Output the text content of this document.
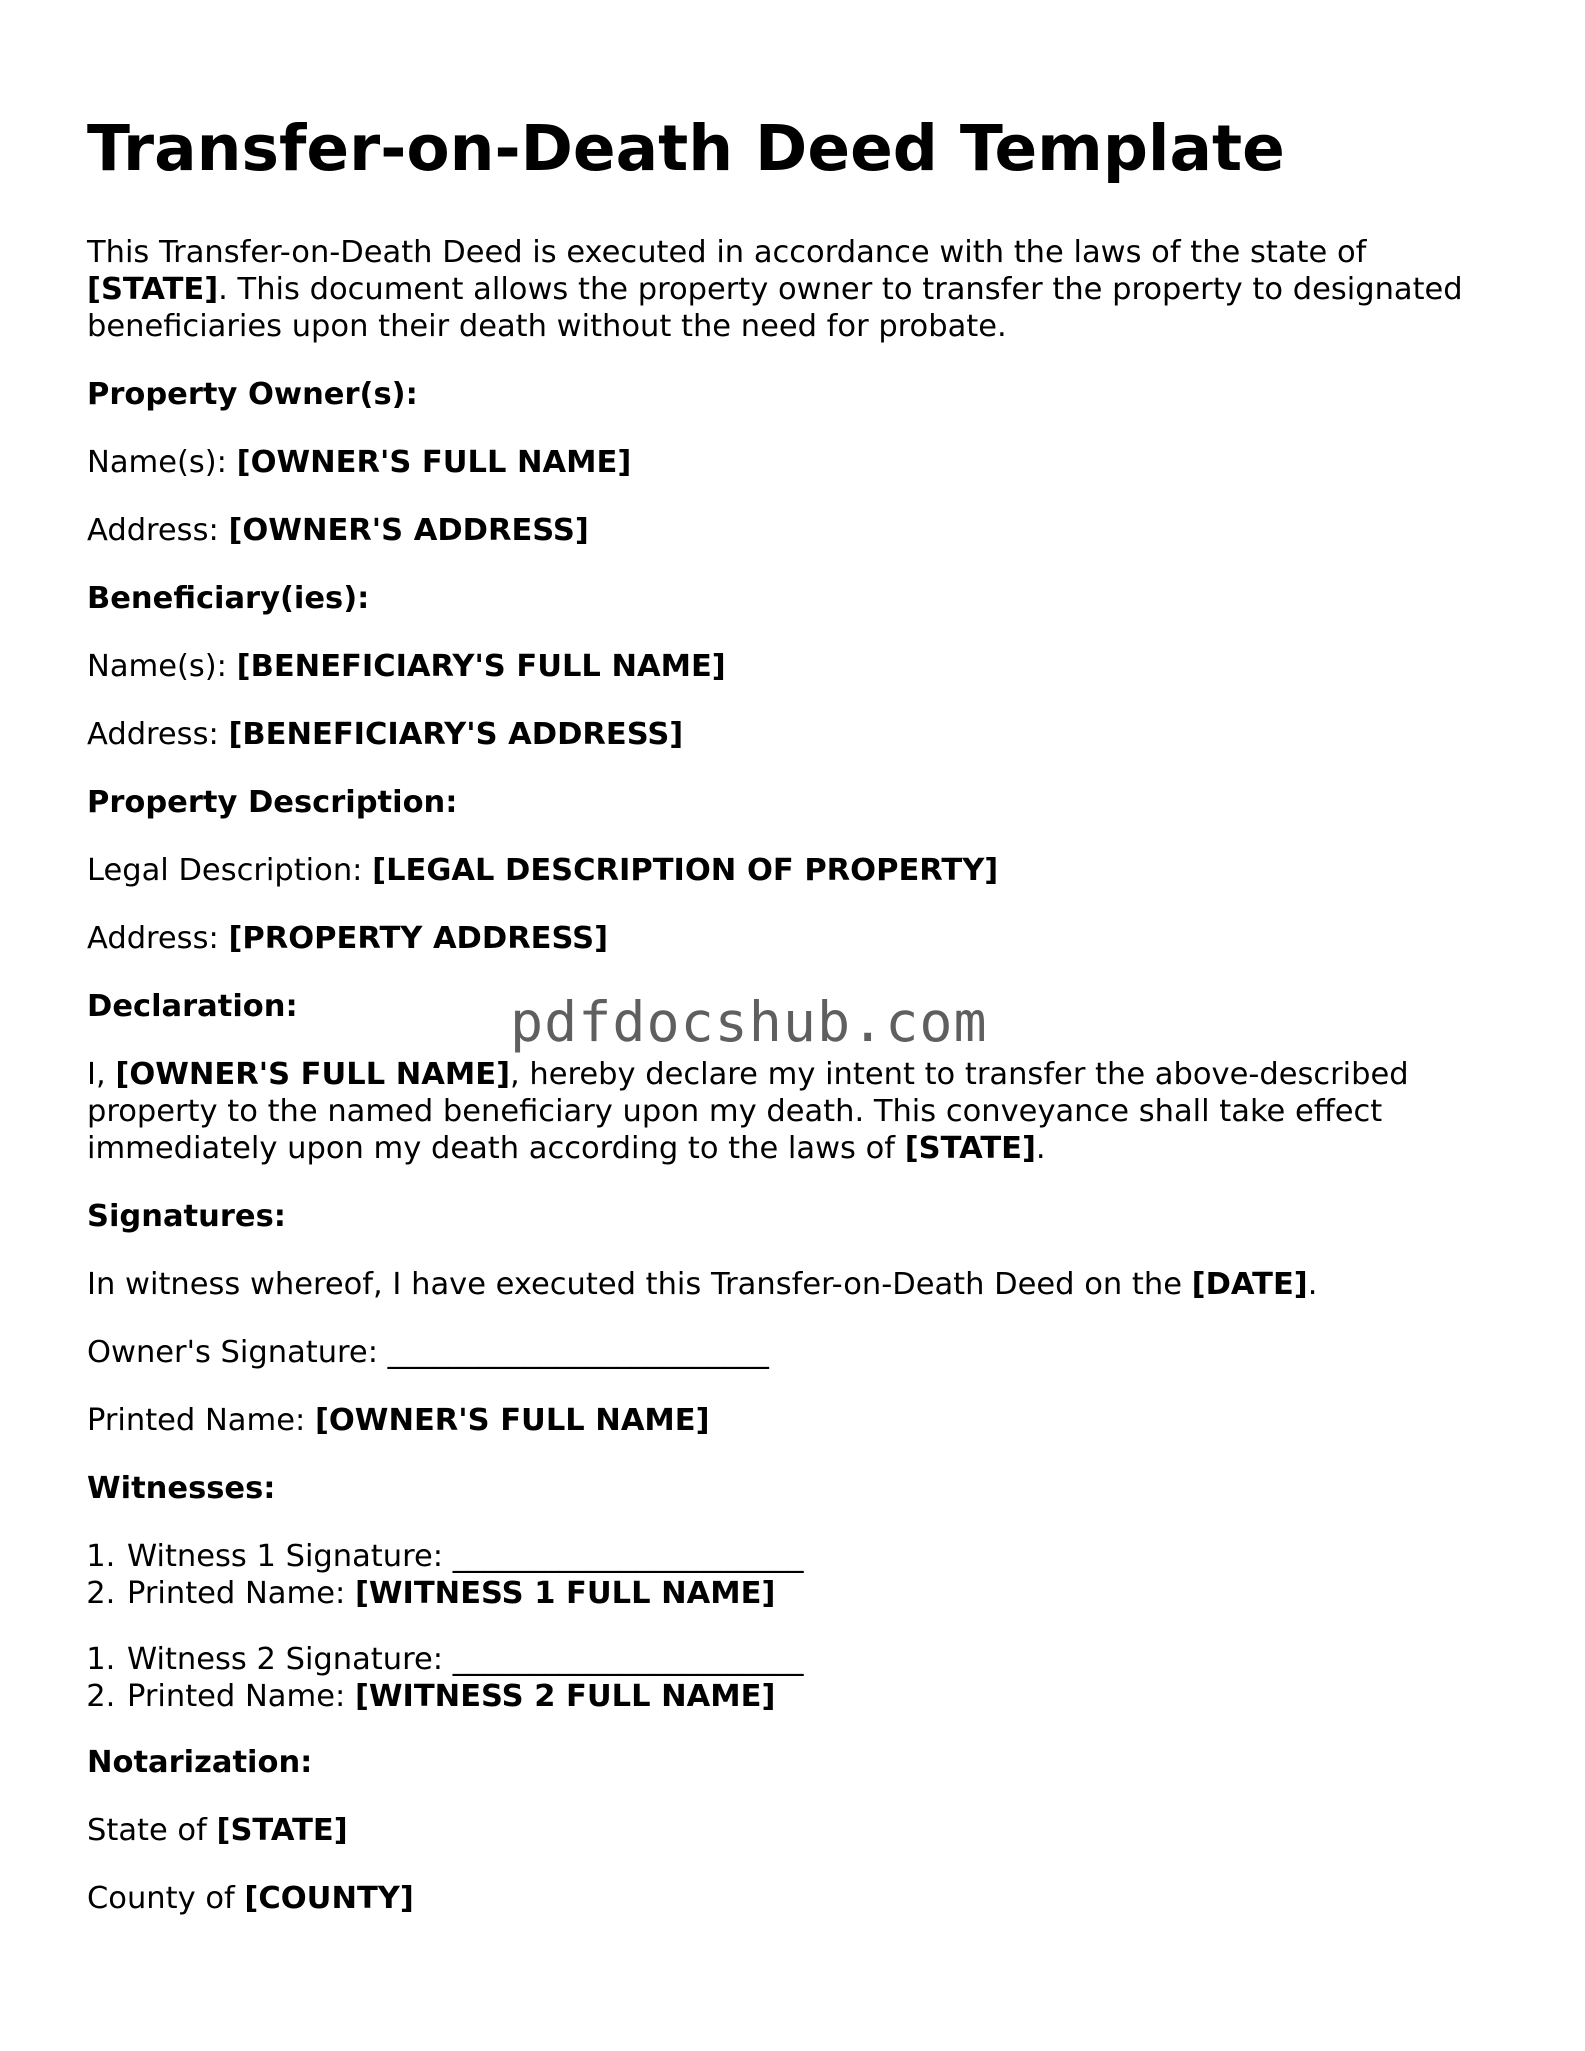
Transfer-on-Death Deed Template

This Transfer-on-Death Deed is executed in accordance with the laws of the state of [STATE]. This document allows the property owner to transfer the property to designated beneficiaries upon their death without the need for probate.

Property Owner(s):

Name(s): [OWNER'S FULL NAME]

Address: [OWNER'S ADDRESS]

Beneficiary(ies):

Name(s): [BENEFICIARY'S FULL NAME]

Address: [BENEFICIARY'S ADDRESS]

Property Description:

Legal Description: [LEGAL DESCRIPTION OF PROPERTY]

Address: [PROPERTY ADDRESS]

Declaration:

I, [OWNER'S FULL NAME], hereby declare my intent to transfer the above-described property to the named beneficiary upon my death. This conveyance shall take effect immediately upon my death according to the laws of [STATE].

Signatures:

In witness whereof, I have executed this Transfer-on-Death Deed on the [DATE].

Owner's Signature: _________________________

Printed Name: [OWNER'S FULL NAME]

Witnesses:

1. Witness 1 Signature: _______________________
2. Printed Name: [WITNESS 1 FULL NAME]
1. Witness 2 Signature: _______________________
2. Printed Name: [WITNESS 2 FULL NAME]

Notarization:

State of [STATE]

County of [COUNTY]

pdfdocshub.com
